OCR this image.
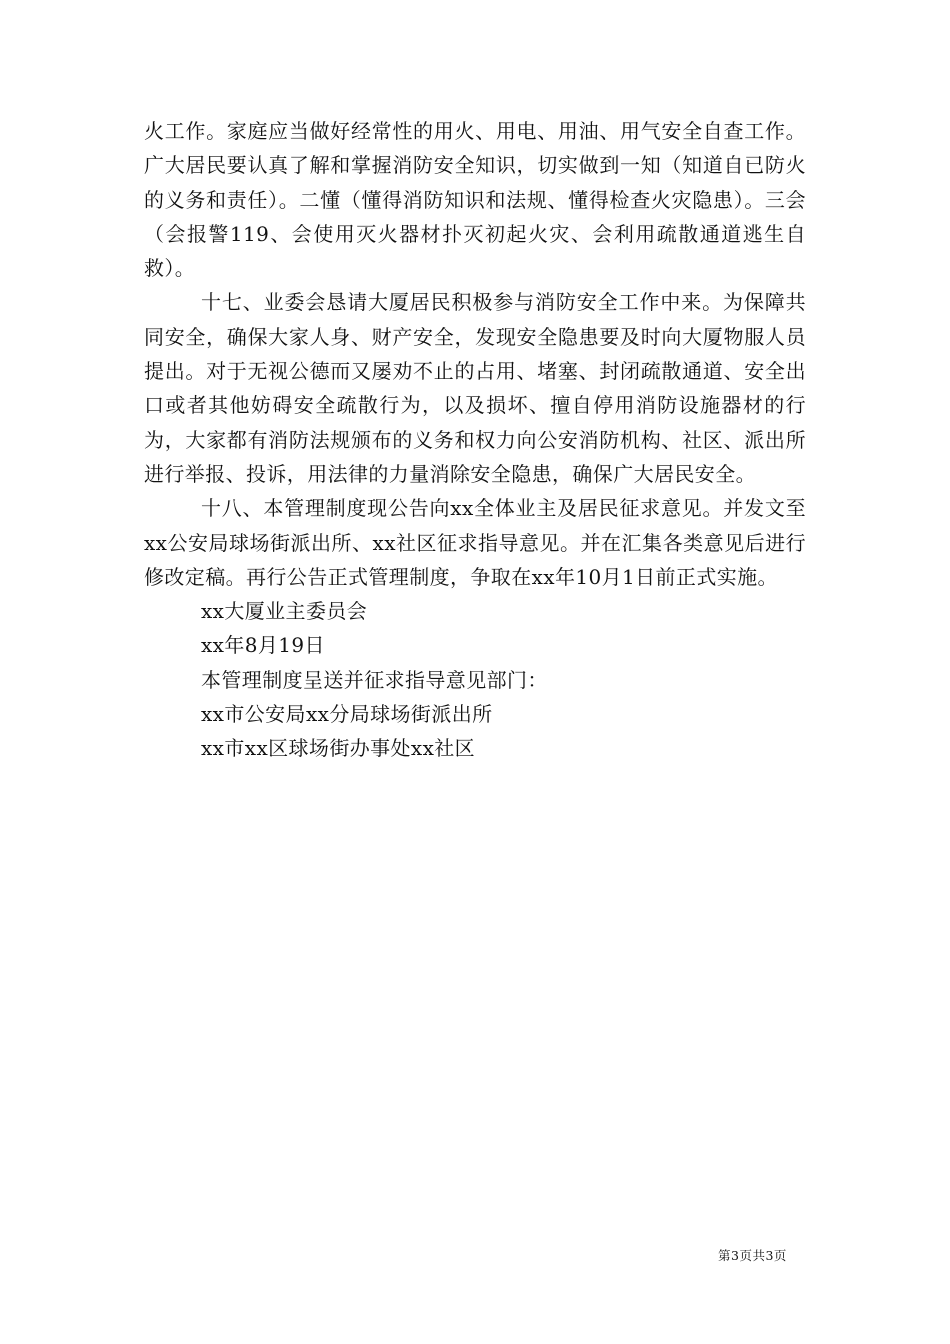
火工作。家庭应当做好经常性的用火、用电、用油、用气安全自查工作。广大居民要认真了解和掌握消防安全知识，切实做到一知（知道自已防火的义务和责任）。二懂（懂得消防知识和法规、懂得检查火灾隐患）。三会（会报警119、会使用灭火器材扑灭初起火灾、会利用疏散通道逃生自救）。

十七、业委会恳请大厦居民积极参与消防安全工作中来。为保障共同安全，确保大家人身、财产安全，发现安全隐患要及时向大厦物服人员提出。对于无视公德而又屡劝不止的占用、堵塞、封闭疏散通道、安全出口或者其他妨碍安全疏散行为，以及损坏、擅自停用消防设施器材的行为，大家都有消防法规颁布的义务和权力向公安消防机构、社区、派出所进行举报、投诉，用法律的力量消除安全隐患，确保广大居民安全。

十八、本管理制度现公告向xx全体业主及居民征求意见。并发文至xx公安局球场街派出所、xx社区征求指导意见。并在汇集各类意见后进行修改定稿。再行公告正式管理制度，争取在xx年10月1日前正式实施。

xx大厦业主委员会

xx年8月19日

本管理制度呈送并征求指导意见部门：

xx市公安局xx分局球场街派出所

xx市xx区球场街办事处xx社区

第3页共3页
